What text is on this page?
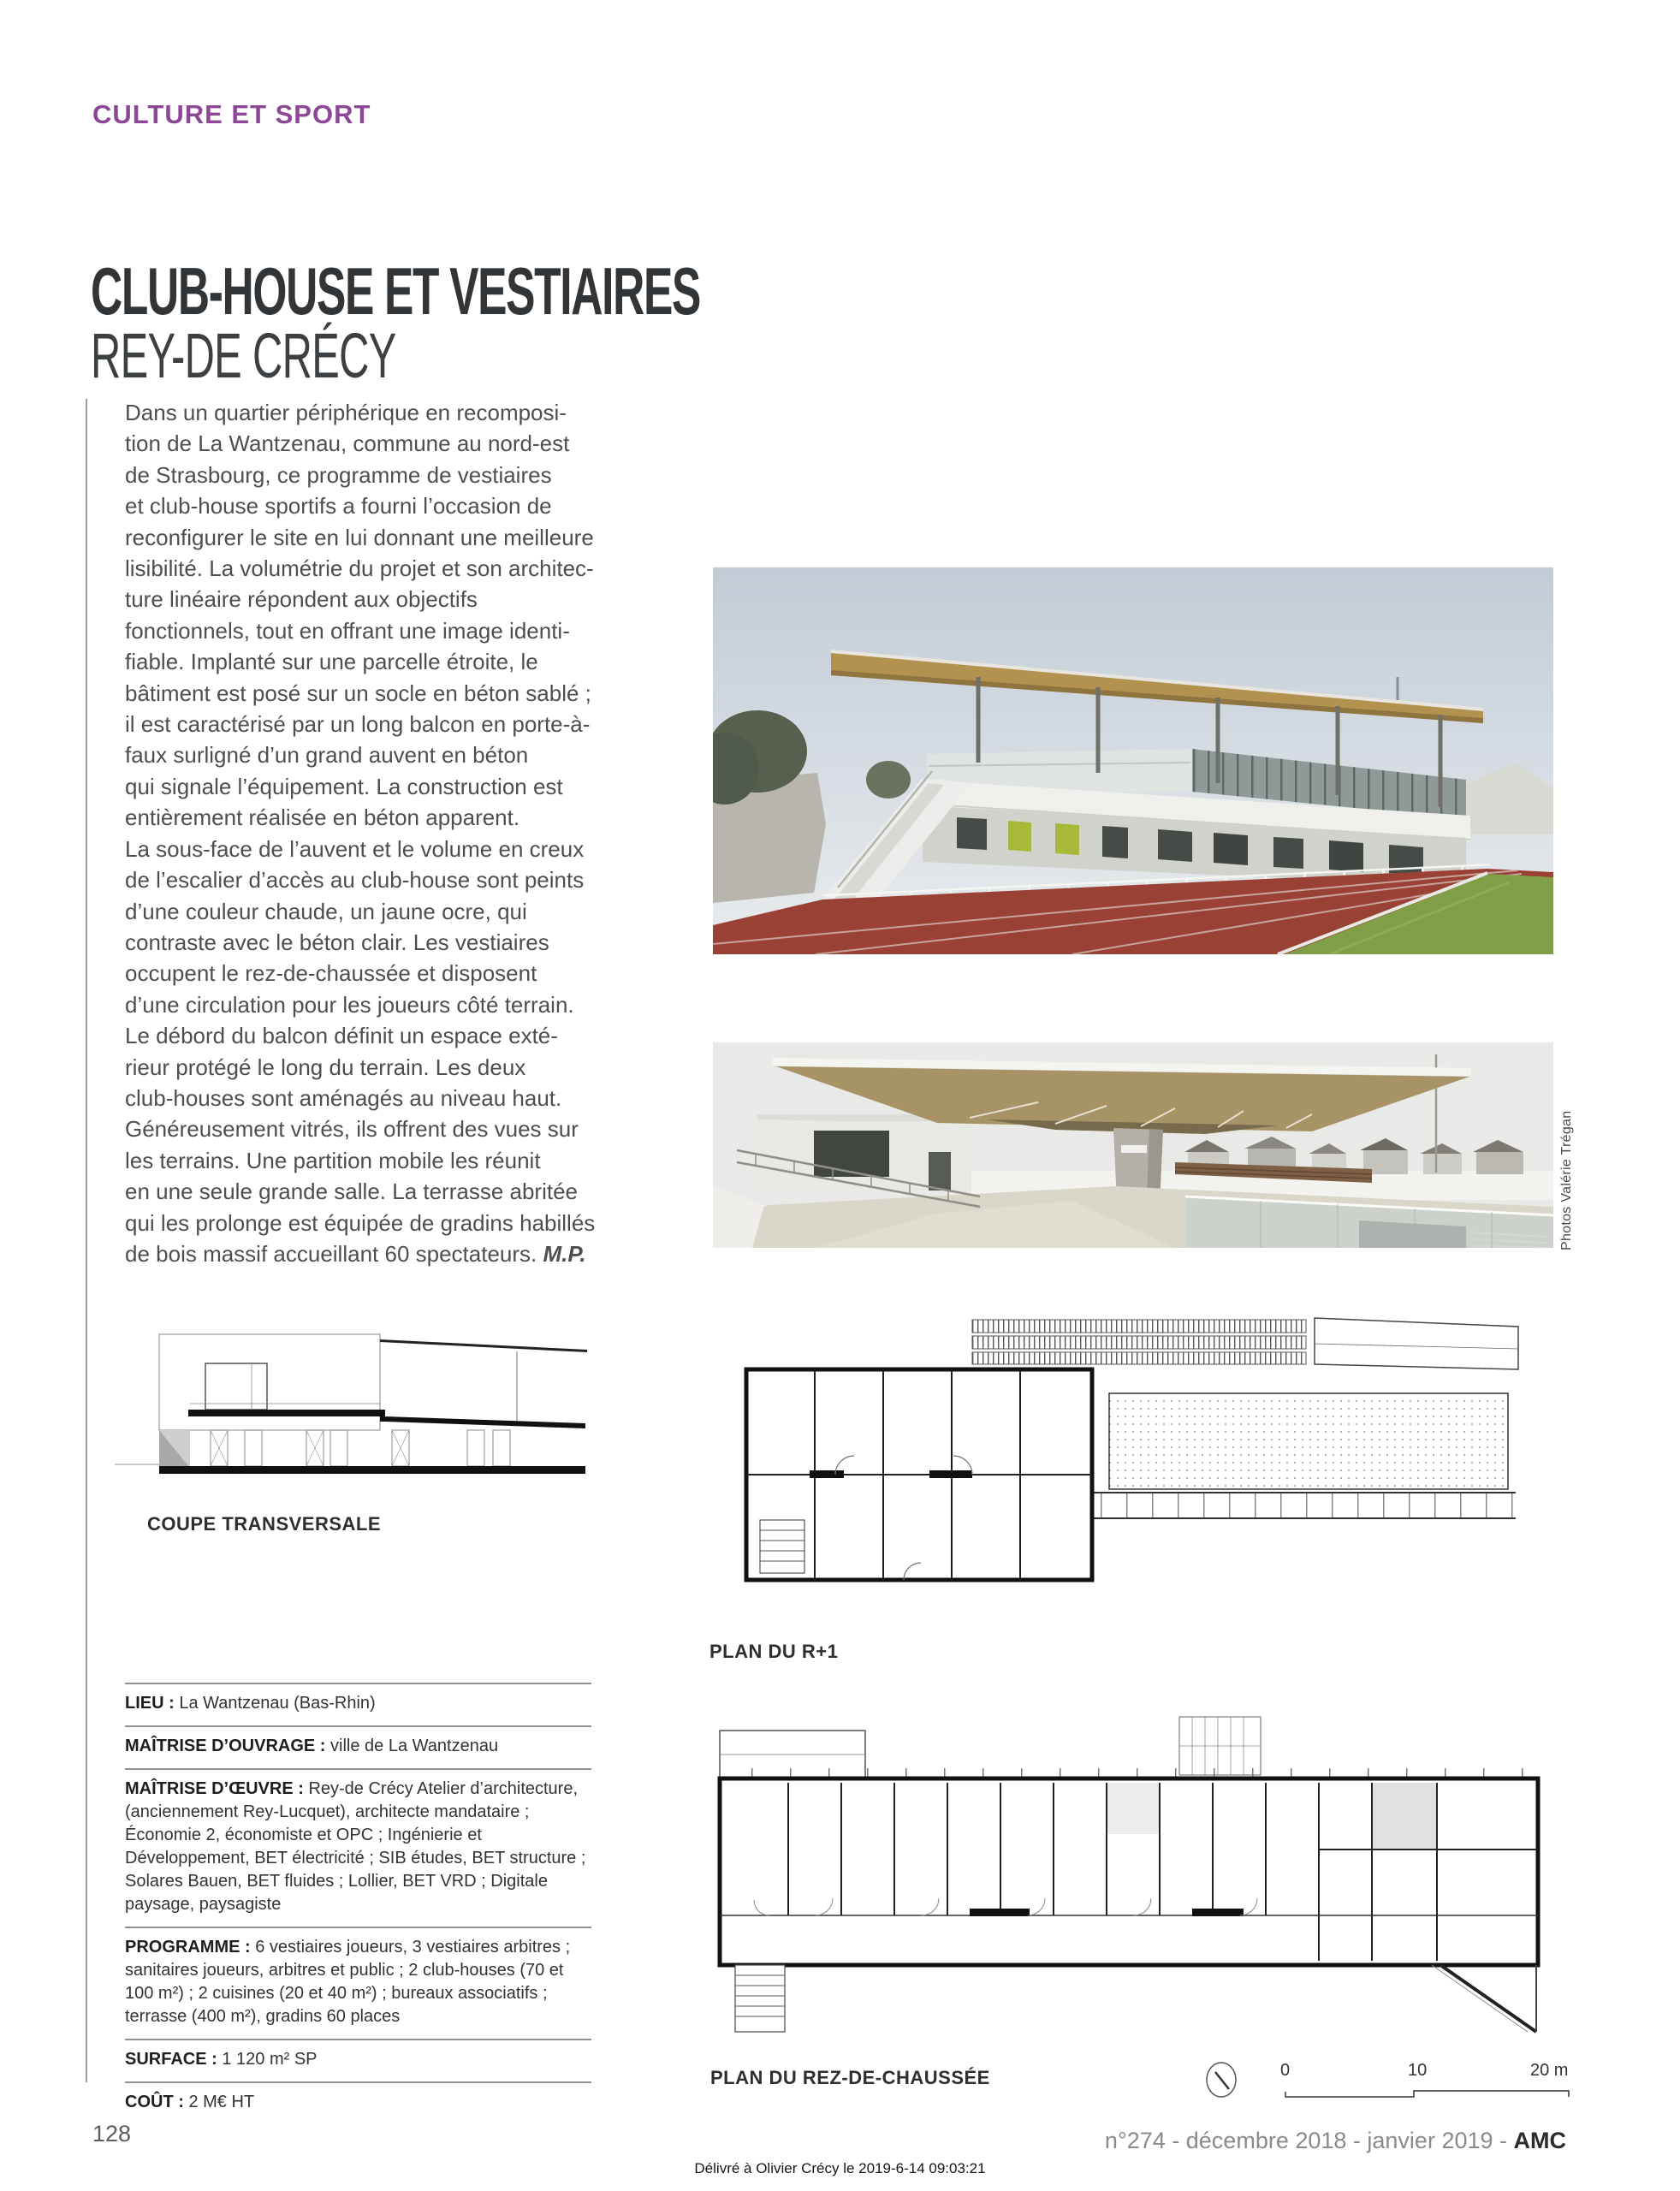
CULTURE ET SPORT
CLUB-HOUSE ET VESTIAIRES
REY-DE CRÉCY
Dans un quartier périphérique en recomposi-
tion de La Wantzenau, commune au nord-est
de Strasbourg, ce programme de vestiaires
et club-house sportifs a fourni l’occasion de
reconfigurer le site en lui donnant une meilleure
lisibilité. La volumétrie du projet et son architec-
ture linéaire répondent aux objectifs
fonctionnels, tout en offrant une image identi-
fiable. Implanté sur une parcelle étroite, le
bâtiment est posé sur un socle en béton sablé ;
il est caractérisé par un long balcon en porte-à-
faux surligné d’un grand auvent en béton
qui signale l’équipement. La construction est
entièrement réalisée en béton apparent.
La sous-face de l’auvent et le volume en creux
de l’escalier d’accès au club-house sont peints
d’une couleur chaude, un jaune ocre, qui
contraste avec le béton clair. Les vestiaires
occupent le rez-de-chaussée et disposent
d’une circulation pour les joueurs côté terrain.
Le débord du balcon définit un espace exté-
rieur protégé le long du terrain. Les deux
club-houses sont aménagés au niveau haut.
Généreusement vitrés, ils offrent des vues sur
les terrains. Une partition mobile les réunit
en une seule grande salle. La terrasse abritée
qui les prolonge est équipée de gradins habillés
de bois massif accueillant 60 spectateurs. M.P.
Photos Valérie Trégan
COUPE TRANSVERSALE
PLAN DU R+1
LIEU : La Wantzenau (Bas-Rhin)
MAÎTRISE D’OUVRAGE : ville de La Wantzenau
MAÎTRISE D’ŒUVRE : Rey-de Crécy Atelier d’architecture, (anciennement Rey-Lucquet), architecte mandataire ; Économie 2, économiste et OPC ; Ingénierie et Développement, BET électricité ; SIB études, BET structure ; Solares Bauen, BET fluides ; Lollier, BET VRD ; Digitale paysage, paysagiste
PROGRAMME : 6 vestiaires joueurs, 3 vestiaires arbitres ; sanitaires joueurs, arbitres et public ; 2 club-houses (70 et 100 m²) ; 2 cuisines (20 et 40 m²) ; bureaux associatifs ; terrasse (400 m²), gradins 60 places
SURFACE : 1 120 m² SP
COÛT : 2 M€ HT
PLAN DU REZ-DE-CHAUSSÉE	0	10	20 m
128	n°274 - décembre 2018 - janvier 2019 - AMC
Délivré à Olivier Crécy le 2019-6-14 09:03:21
